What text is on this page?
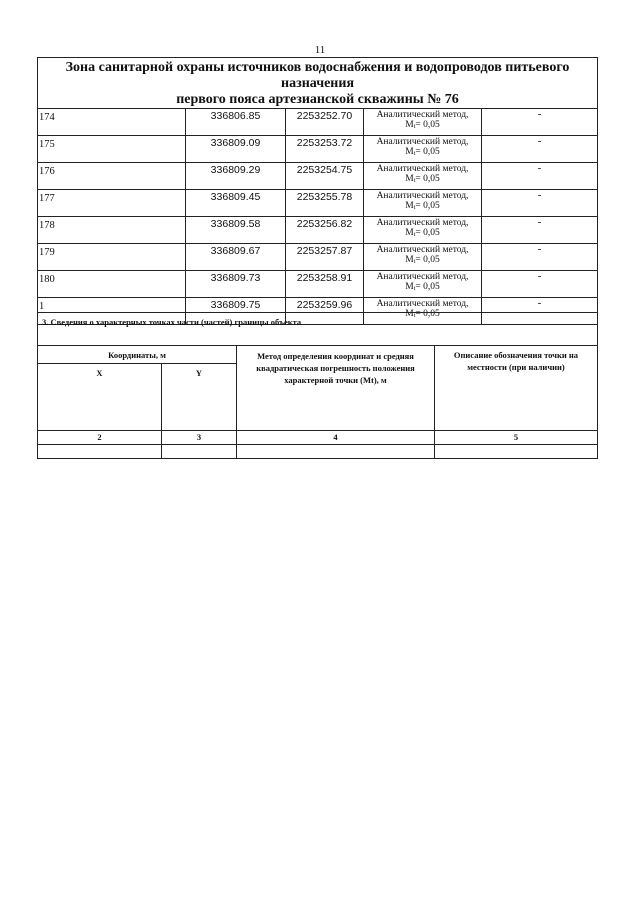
11
Зона санитарной охраны источников водоснабжения и водопроводов питьевого назначения
первого пояса артезианской скважины № 76				

174	336806.85	2253252.70	Аналитический метод,
Mt= 0,05	-
175	336809.09	2253253.72	Аналитический метод,
Mt= 0,05	-
176	336809.29	2253254.75	Аналитический метод,
Mt= 0,05	-
177	336809.45	2253255.78	Аналитический метод,
Mt= 0,05	-
178	336809.58	2253256.82	Аналитический метод,
Mt= 0,05	-
179	336809.67	2253257.87	Аналитический метод,
Mt= 0,05	-
180	336809.73	2253258.91	Аналитический метод,
Mt= 0,05	-
1	336809.75	2253259.96	Аналитический метод,
Mt= 0,05	-
3. Сведения о характерных точках части (частей) границы объекта			
Координаты, м		Метод определения координат и средняя квадратическая погрешность положения характерной точки (Mt), м	Описание обозначения точки на местности (при наличии)
X	Y		
2	3	4	5
